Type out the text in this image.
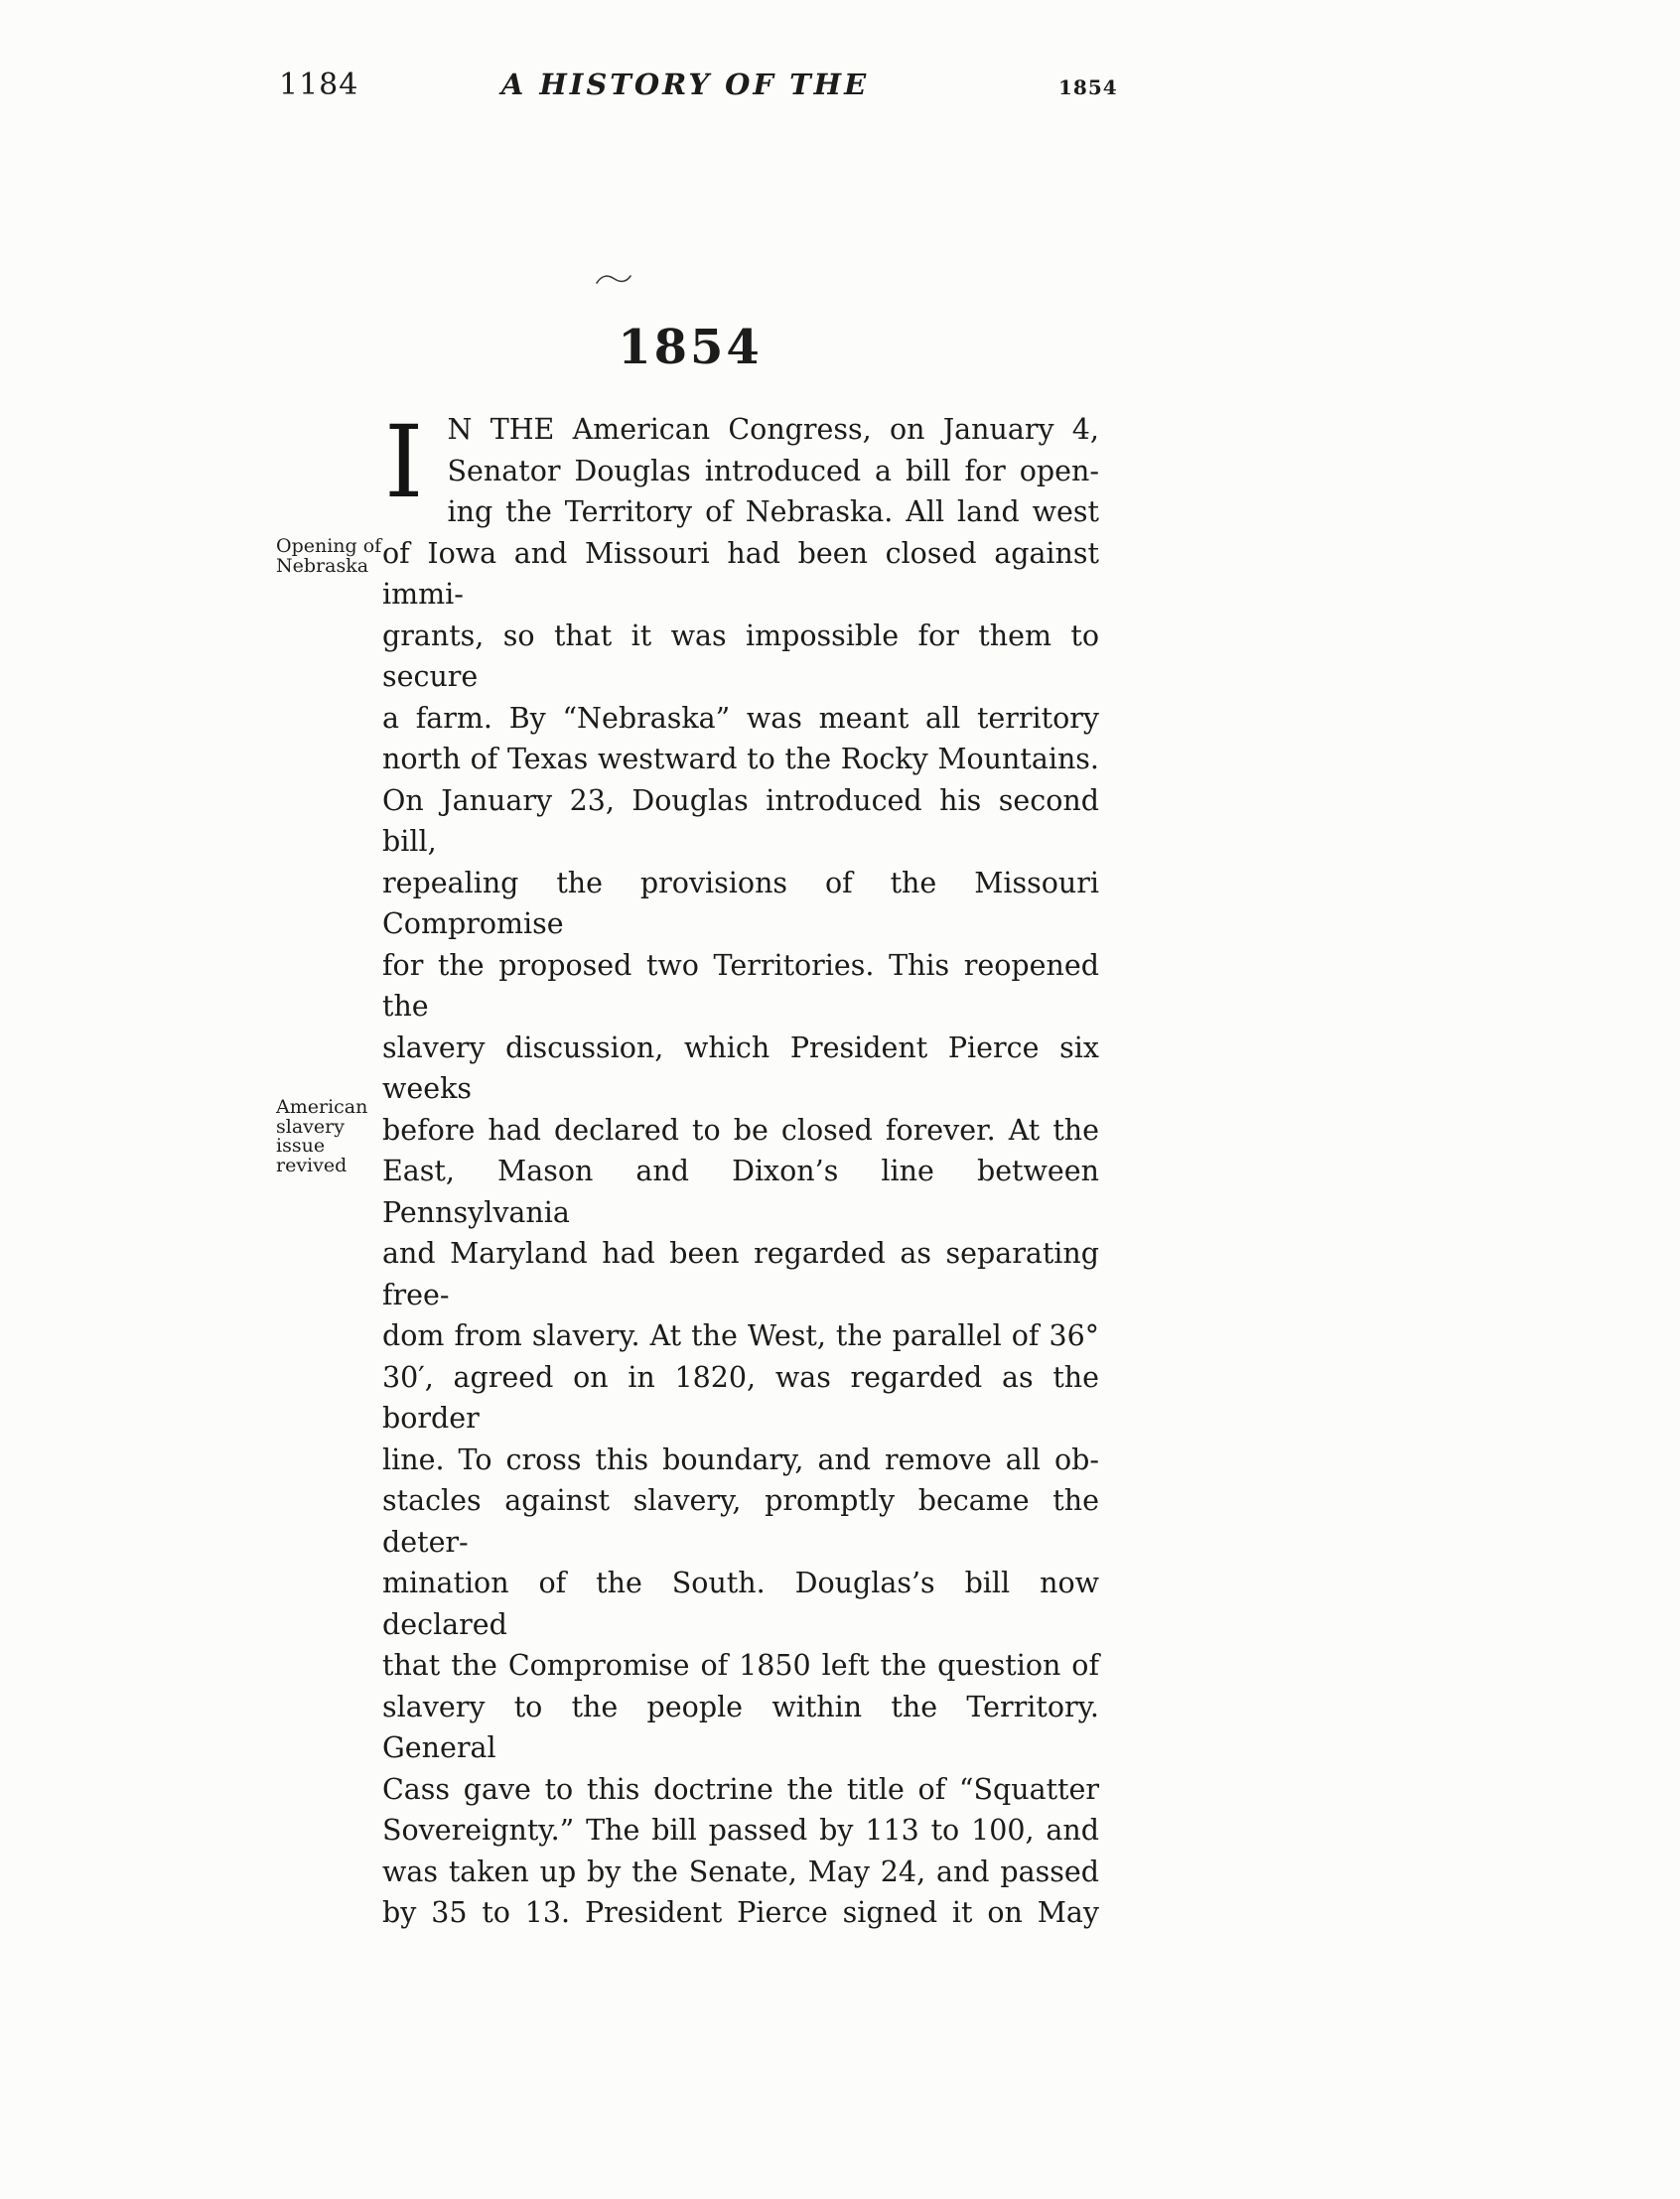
1184	A HISTORY OF THE	1854
1854
Opening of
Nebraska
American
slavery
issue
revived
I N THE American Congress, on January 4,
Senator Douglas introduced a bill for open-
ing the Territory of Nebraska. All land west
of Iowa and Missouri had been closed against immi-
grants, so that it was impossible for them to secure
a farm. By “Nebraska” was meant all territory
north of Texas westward to the Rocky Mountains.
On January 23, Douglas introduced his second bill,
repealing the provisions of the Missouri Compromise
for the proposed two Territories. This reopened the
slavery discussion, which President Pierce six weeks
before had declared to be closed forever. At the
East, Mason and Dixon’s line between Pennsylvania
and Maryland had been regarded as separating free-
dom from slavery. At the West, the parallel of 36°
30′, agreed on in 1820, was regarded as the border
line. To cross this boundary, and remove all ob-
stacles against slavery, promptly became the deter-
mination of the South. Douglas’s bill now declared
that the Compromise of 1850 left the question of
slavery to the people within the Territory. General
Cass gave to this doctrine the title of “Squatter
Sovereignty.” The bill passed by 113 to 100, and
was taken up by the Senate, May 24, and passed
by 35 to 13. President Pierce signed it on May
